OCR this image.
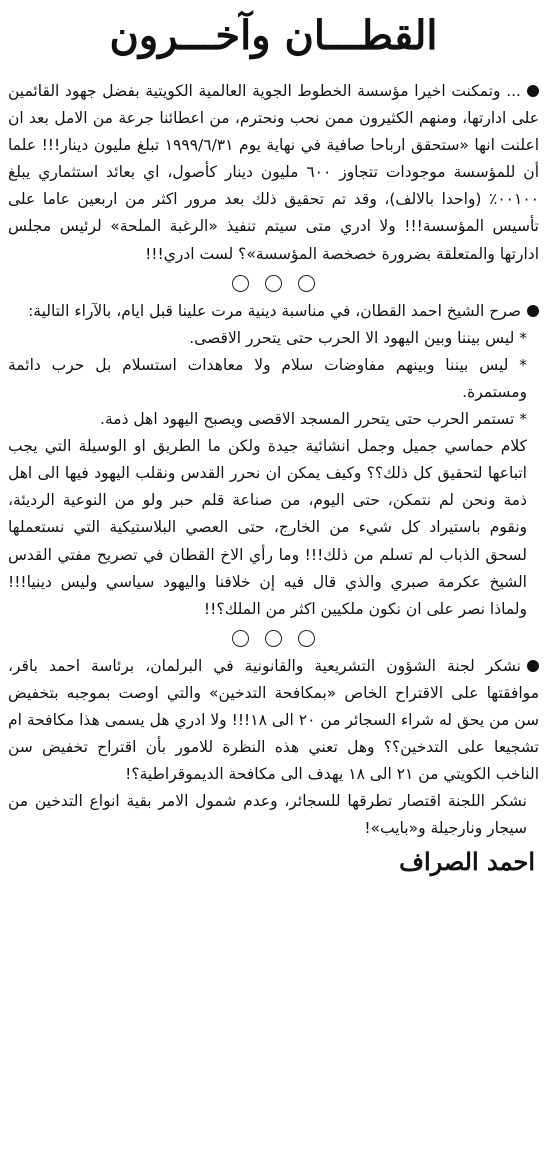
القطـــان وآخـــرون

... وتمكنت اخيرا مؤسسة الخطوط الجوية العالمية الكويتية بفضل جهود القائمين على ادارتها، ومنهم الكثيرون ممن نحب ونحترم، من اعطائنا جرعة من الامل بعد ان اعلنت انها «ستحقق ارباحا صافية في نهاية يوم ١٩٩٩/٦/٣١ تبلغ مليون دينار!!! علما أن للمؤسسة موجودات تتجاوز ٦٠٠ مليون دينار كأصول، اي بعائد استثماري يبلغ ٠٠١٠٠٪ (واحدا بالالف)، وقد تم تحقيق ذلك بعد مرور اكثر من اربعين عاما على تأسيس المؤسسة!!! ولا ادري متى سيتم تنفيذ «الرغبة الملحة» لرئيس مجلس ادارتها والمتعلقة بضرورة خصخصة المؤسسة»؟ لست ادري!!!

صرح الشيخ احمد القطان، في مناسبة دينية مرت علينا قبل ايام، بالآراء التالية:

* ليس بيننا وبين اليهود الا الحرب حتى يتحرر الاقصى.

* ليس بيننا وبينهم مفاوضات سلام ولا معاهدات استسلام بل حرب دائمة ومستمرة.

* تستمر الحرب حتى يتحرر المسجد الاقصى ويصبح اليهود اهل ذمة.

كلام حماسي جميل وجمل انشائية جيدة ولكن ما الطريق او الوسيلة التي يجب اتباعها لتحقيق كل ذلك؟؟ وكيف يمكن ان نحرر القدس ونقلب اليهود فيها الى اهل ذمة ونحن لم نتمكن، حتى اليوم، من صناعة قلم حبر ولو من النوعية الرديئة، ونقوم باستيراد كل شيء من الخارج، حتى العصي البلاستيكية التي نستعملها لسحق الذباب لم تسلم من ذلك!!! وما رأي الاخ القطان في تصريح مفتي القدس الشيخ عكرمة صبري والذي قال فيه إن خلافنا واليهود سياسي وليس دينيا!!! ولماذا نصر على ان نكون ملكيين اكثر من الملك؟!!

نشكر لجنة الشؤون التشريعية والقانونية في البرلمان، برئاسة احمد باقر، موافقتها على الاقتراح الخاص «بمكافحة التدخين» والتي اوصت بموجبه بتخفيض سن من يحق له شراء السجائر من ٢٠ الى ١٨!!! ولا ادري هل يسمى هذا مكافحة ام تشجيعا على التدخين؟؟ وهل تعني هذه النظرة للامور بأن اقتراح تخفيض سن الناخب الكويتي من ٢١ الى ١٨ يهدف الى مكافحة الديموقراطية؟!

نشكر اللجنة اقتصار تطرقها للسجائر، وعدم شمول الامر بقية انواع التدخين من سيجار ونارجيلة و«بايب»!

احمد الصراف
